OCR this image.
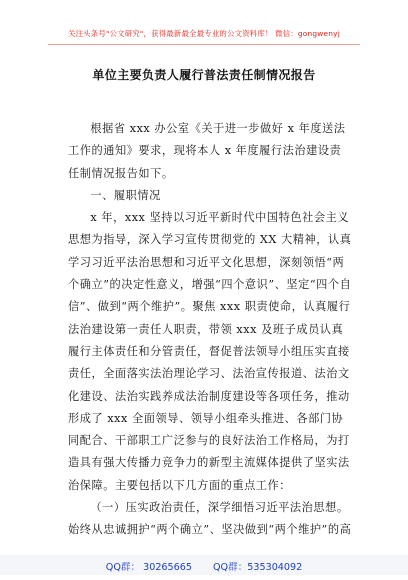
关注头条号"公文研究"，获得最新最全最专业的公文资料库！ 微信：gongwenyj
单位主要负责人履行普法责任制情况报告

根据省 xxx 办公室《关于进一步做好 x 年度送法工作的通知》要求，现将本人 x 年度履行法治建设责任制情况报告如下。

一、履职情况

x 年，xxx 坚持以习近平新时代中国特色社会主义思想为指导，深入学习宣传贯彻党的 XX 大精神，认真学习习近平法治思想和习近平文化思想，深刻领悟“两个确立”的决定性意义，增强“四个意识”、坚定“四个自信”、做到“两个维护”。聚焦 xxx 职责使命，认真履行法治建设第一责任人职责，带领 xxx 及班子成员认真履行主体责任和分管责任，督促普法领导小组压实直接责任，全面落实法治理论学习、法治宣传报道、法治文化建设、法治实践养成法治制度建设等各项任务，推动形成了 xxx 全面领导、领导小组牵头推进、各部门协同配合、干部职工广泛参与的良好法治工作格局，为打造具有强大传播力竞争力的新型主流媒体提供了坚实法治保障。主要包括以下几方面的重点工作：

（一）压实政治责任，深学细悟习近平法治思想。始终从忠诚拥护“两个确立”、坚决做到“两个维护”的高

QQ群： 30265665 QQ群：535304092
